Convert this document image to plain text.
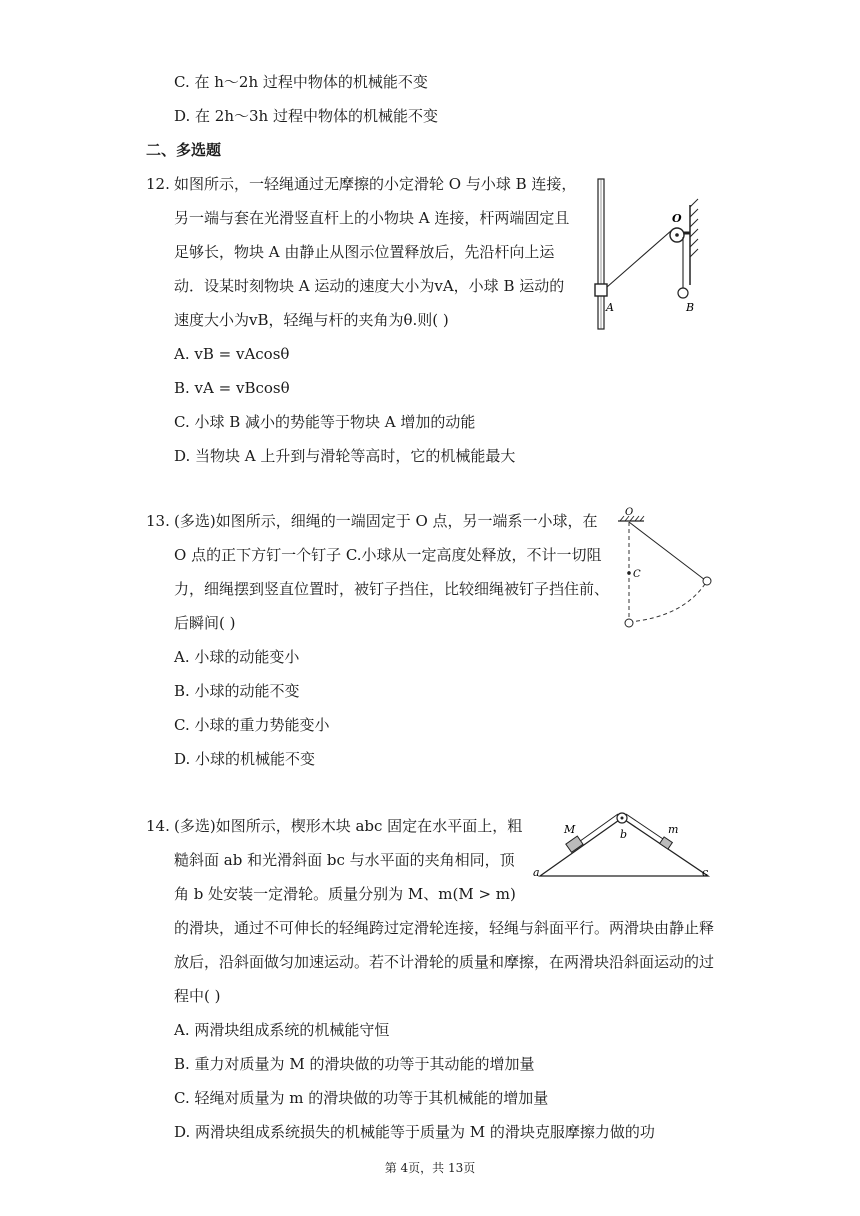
C. 在 h～2h 过程中物体的机械能不变
D. 在 2h～3h 过程中物体的机械能不变
二、多选题
12. 如图所示，一轻绳通过无摩擦的小定滑轮 O 与小球 B 连接，
另一端与套在光滑竖直杆上的小物块 A 连接，杆两端固定且
足够长，物块 A 由静止从图示位置释放后，先沿杆向上运
动．设某时刻物块 A 运动的速度大小为vA，小球 B 运动的
速度大小为vB，轻绳与杆的夹角为θ.则( )
A. vB = vAcosθ
B. vA = vBcosθ
C. 小球 B 减小的势能等于物块 A 增加的动能
D. 当物块 A 上升到与滑轮等高时，它的机械能最大
O
A	B
13. (多选)如图所示，细绳的一端固定于 O 点，另一端系一小球，在
O 点的正下方钉一个钉子 C.小球从一定高度处释放，不计一切阻
力，细绳摆到竖直位置时，被钉子挡住，比较细绳被钉子挡住前、
后瞬间( )
A. 小球的动能变小
B. 小球的动能不变
C. 小球的重力势能变小
D. 小球的机械能不变
O
C
14. (多选)如图所示，楔形木块 abc 固定在水平面上，粗
糙斜面 ab 和光滑斜面 bc 与水平面的夹角相同，顶
角 b 处安装一定滑轮。质量分别为 M、m(M > m)
的滑块，通过不可伸长的轻绳跨过定滑轮连接，轻绳与斜面平行。两滑块由静止释
放后，沿斜面做匀加速运动。若不计滑轮的质量和摩擦，在两滑块沿斜面运动的过
程中( )
A. 两滑块组成系统的机械能守恒
B. 重力对质量为 M 的滑块做的功等于其动能的增加量
C. 轻绳对质量为 m 的滑块做的功等于其机械能的增加量
D. 两滑块组成系统损失的机械能等于质量为 M 的滑块克服摩擦力做的功
M	m
b
a	c
第 4页，共 13页
